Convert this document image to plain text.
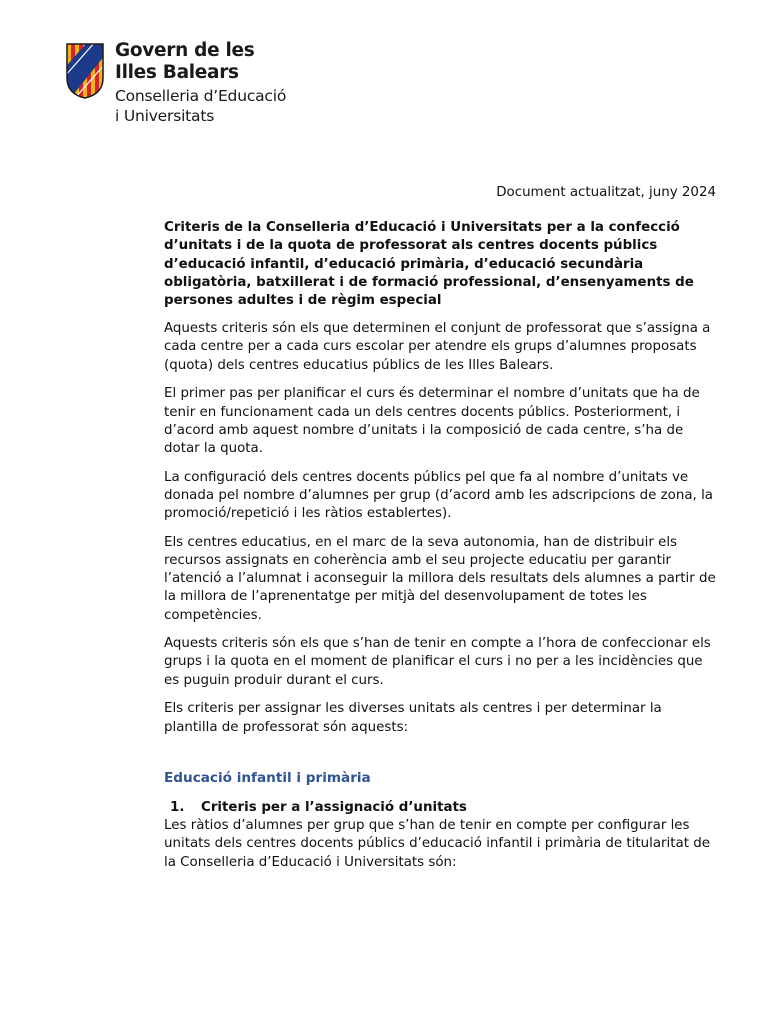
Govern de les
Illes Balears
Conselleria d’Educació
i Universitats

Document actualitzat, juny 2024

Criteris de la Conselleria d’Educació i Universitats per a la confecció d’unitats i de la quota de professorat als centres docents públics d’educació infantil, d’educació primària, d’educació secundària obligatòria, batxillerat i de formació professional, d’ensenyaments de persones adultes i de règim especial

Aquests criteris són els que determinen el conjunt de professorat que s’assigna a cada centre per a cada curs escolar per atendre els grups d’alumnes proposats (quota) dels centres educatius públics de les Illes Balears.

El primer pas per planificar el curs és determinar el nombre d’unitats que ha de tenir en funcionament cada un dels centres docents públics. Posteriorment, i d’acord amb aquest nombre d’unitats i la composició de cada centre, s’ha de dotar la quota.

La configuració dels centres docents públics pel que fa al nombre d’unitats ve donada pel nombre d’alumnes per grup (d’acord amb les adscripcions de zona, la promoció/repetició i les ràtios establertes).

Els centres educatius, en el marc de la seva autonomia, han de distribuir els recursos assignats en coherència amb el seu projecte educatiu per garantir l’atenció a l’alumnat i aconseguir la millora dels resultats dels alumnes a partir de la millora de l’aprenentatge per mitjà del desenvolupament de totes les competències.

Aquests criteris són els que s’han de tenir en compte a l’hora de confeccionar els grups i la quota en el moment de planificar el curs i no per a les incidències que es puguin produir durant el curs.

Els criteris per assignar les diverses unitats als centres i per determinar la plantilla de professorat són aquests:

Educació infantil i primària
1.	Criteris per a l’assignació d’unitats

Les ràtios d’alumnes per grup que s’han de tenir en compte per configurar les unitats dels centres docents públics d’educació infantil i primària de titularitat de la Conselleria d’Educació i Universitats són:
